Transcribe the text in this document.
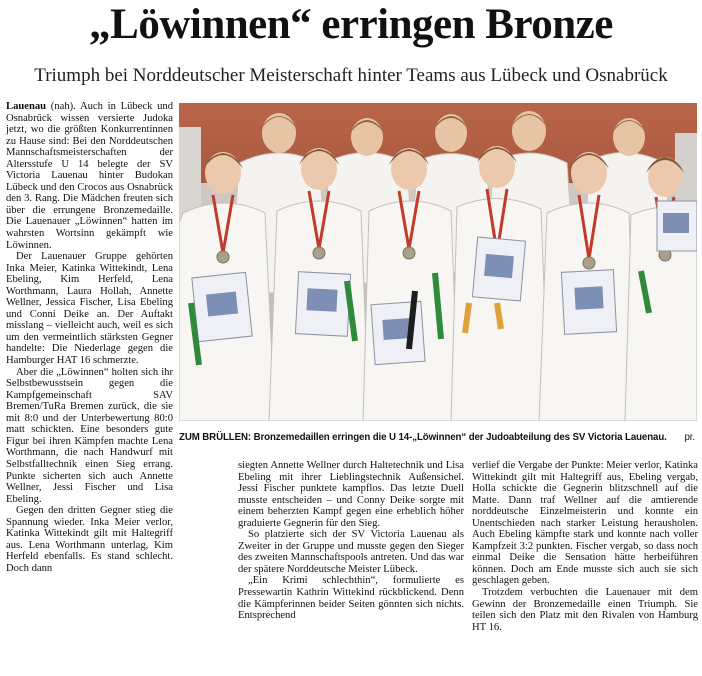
„Löwinnen“ erringen Bronze
Triumph bei Norddeutscher Meisterschaft hinter Teams aus Lübeck und Osnabrück

Lauenau (nah). Auch in Lübeck und Osnabrück wissen versierte Judoka jetzt, wo die größten Konkurrentinnen zu Hause sind: Bei den Norddeutschen Mannschaftsmeisterschaften der Altersstufe U 14 belegte der SV Victoria Lauenau hinter Budokan Lübeck und den Crocos aus Osnabrück den 3. Rang. Die Mädchen freuten sich über die errungene Bronzemedaille. Die Lauenauer „Löwinnen“ hatten im wahrsten Wortsinn gekämpft wie Löwinnen.

Der Lauenauer Gruppe gehörten Inka Meier, Katinka Wittekindt, Lena Ebeling, Kim Herfeld, Lena Worthmann, Laura Hollah, Annette Wellner, Jessica Fischer, Lisa Ebeling und Conni Deike an. Der Auftakt misslang – vielleicht auch, weil es sich um den vermeintlich stärksten Gegner handelte: Die Niederlage gegen die Hamburger HAT 16 schmerzte.

Aber die „Löwinnen“ holten sich ihr Selbstbewusstsein gegen die Kampfgemeinschaft SAV Bremen/TuRa Bremen zurück, die sie mit 8:0 und der Unterbewertung 80:0 matt schickten. Eine besonders gute Figur bei ihren Kämpfen machte Lena Worthmann, die nach Handwurf mit Selbstfalltechnik einen Sieg errang. Punkte sicherten sich auch Annette Wellner, Jessi Fischer und Lisa Ebeling.

Gegen den dritten Gegner stieg die Spannung wieder. Inka Meier verlor, Katinka Wittekindt gilt mit Haltegriff aus. Lena Worthmann unterlag, Kim Herfeld ebenfalls. Es stand schlecht. Doch dann

ZUM BRÜLLEN: Bronzemedaillen erringen die U 14-„Löwinnen“ der Judoabteilung des SV Victoria Lauenau. pr.

siegten Annette Wellner durch Haltetechnik und Lisa Ebeling mit ihrer Lieblingstechnik Außensichel. Jessi Fischer punktete kampflos. Das letzte Duell musste entscheiden – und Conny Deike sorgte mit einem beherzten Kampf gegen eine erheblich höher graduierte Gegnerin für den Sieg.

So platzierte sich der SV Victoria Lauenau als Zweiter in der Gruppe und musste gegen den Sieger des zweiten Mannschaftspools antreten. Und das war der spätere Norddeutsche Meister Lübeck.

„Ein Krimi schlechthin“, formulierte es Pressewartin Kathrin Wittekind rückblickend. Denn die Kämpferinnen beider Seiten gönnten sich nichts. Entsprechend

verlief die Vergabe der Punkte: Meier verlor, Katinka Wittekindt gilt mit Haltegriff aus, Ebeling vergab, Holla schickte die Gegnerin blitzschnell auf die Matte. Dann traf Wellner auf die amtierende norddeutsche Einzelmeisterin und konnte ein Unentschieden nach starker Leistung herausholen. Auch Ebeling kämpfte stark und konnte nach voller Kampfzeit 3:2 punkten. Fischer vergab, so dass noch einmal Deike die Sensation hätte herbeiführen können. Doch am Ende musste sich auch sie sich geschlagen geben.

Trotzdem verbuchten die Lauenauer mit dem Gewinn der Bronzemedaille einen Triumph. Sie teilen sich den Platz mit den Rivalen von Hamburg HT 16.
